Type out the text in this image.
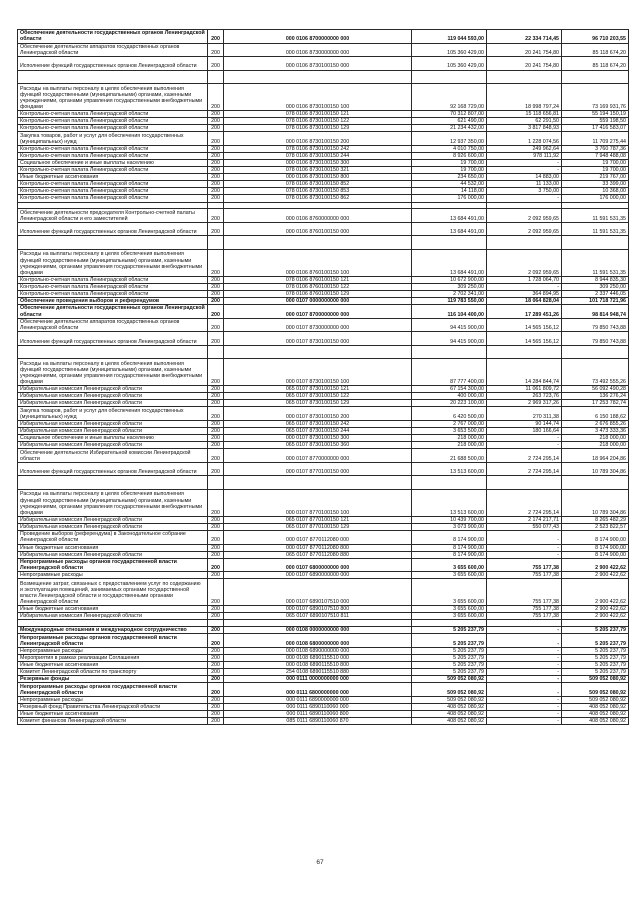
Обеспечение деятельности государственных органов Ленинградской области	200	000 0106 8700000000 000	119 044 593,00	22 334 714,45	96 710 203,55
Обеспечение деятельности аппаратов государственных органов Ленинградской области	200	000 0106 8730000000 000	105 360 429,00	20 241 754,80	85 118 674,20
Исполнение функций государственных органов Ленинградской области	200	000 0106 8730100150 000	105 360 429,00	20 241 754,80	85 118 674,20

Расходы на выплаты персоналу в целях обеспечения выполнения функций государственными (муниципальными) органами, казенными учреждениями, органами управления государственными внебюджетными фондами	200	000 0106 8730100150 100	92 168 729,00	18 998 797,24	73 169 931,76
Контрольно-счетная палата Ленинградской области	200	078 0106 8730100150 121	70 312 807,00	15 118 656,81	55 194 150,19
Контрольно-счетная палата Ленинградской области	200	078 0106 8730100150 122	621 490,00	62 291,50	559 198,50
Контрольно-счетная палата Ленинградской области	200	078 0106 8730100150 129	21 234 432,00	3 817 848,93	17 416 583,07
Закупка товаров, работ и услуг для обеспечения государственных (муниципальных) нужд	200	000 0106 8730100150 200	12 937 350,00	1 228 074,56	11 709 275,44
Контрольно-счетная палата Ленинградской области	200	078 0106 8730100150 242	4 010 750,00	249 962,64	3 760 787,36
Контрольно-счетная палата Ленинградской области	200	078 0106 8730100150 244	8 926 600,00	978 111,92	7 948 488,08
Социальное обеспечение и иные выплаты населению	200	000 0106 8730100150 300	19 700,00	-	19 700,00
Контрольно-счетная палата Ленинградской области	200	078 0106 8730100150 321	19 700,00	-	19 700,00
Иные бюджетные ассигнования	200	000 0106 8730100150 800	234 650,00	14 883,00	219 767,00
Контрольно-счетная палата Ленинградской области	200	078 0106 8730100150 852	44 532,00	11 133,00	33 399,00
Контрольно-счетная палата Ленинградской области	200	078 0106 8730100150 853	14 118,00	3 750,00	10 368,00
Контрольно-счетная палата Ленинградской области	200	078 0106 8730100150 862	176 000,00	-	176 000,00

Обеспечение деятельности председателя Контрольно-счетной палаты Ленинградской области и его заместителей	200	000 0106 8760000000 000	13 684 491,00	2 092 959,65	11 591 531,35
Исполнение функций государственных органов Ленинградской области	200	000 0106 8760100150 000	13 684 491,00	2 092 959,65	11 591 531,35

Расходы на выплаты персоналу в целях обеспечения выполнения функций государственными (муниципальными) органами, казенными учреждениями, органами управления государственными внебюджетными фондами	200	000 0106 8760100150 100	13 684 491,00	2 092 959,65	11 591 531,35
Контрольно-счетная палата Ленинградской области	200	078 0106 8760100150 121	10 672 900,00	1 728 064,70	8 944 835,30
Контрольно-счетная палата Ленинградской области	200	078 0106 8760100150 122	309 250,00	-	309 250,00
Контрольно-счетная палата Ленинградской области	200	078 0106 8760100150 129	2 702 341,00	364 894,95	2 337 446,05
Обеспечение проведения выборов и референдумов	200	000 0107 0000000000 000	119 783 550,00	18 064 828,04	101 718 721,96
Обеспечение деятельности государственных органов Ленинградской области	200	000 0107 8700000000 000	116 104 400,00	17 289 451,26	98 814 948,74
Обеспечение деятельности аппаратов государственных органов Ленинградской области	200	000 0107 8730000000 000	94 415 900,00	14 565 156,12	79 850 743,88
Исполнение функций государственных органов Ленинградской области	200	000 0107 8730100150 000	94 415 900,00	14 565 156,12	79 850 743,88

Расходы на выплаты персоналу в целях обеспечения выполнения функций государственными (муниципальными) органами, казенными учреждениями, органами управления государственными внебюджетными фондами	200	000 0107 8730100150 100	87 777 400,00	14 284 844,74	73 492 555,26
Избирательная комиссия Ленинградской области	200	065 0107 8730100150 121	67 154 300,00	11 061 809,72	56 092 490,28
Избирательная комиссия Ленинградской области	200	065 0107 8730100150 122	400 000,00	263 723,76	136 276,24
Избирательная комиссия Ленинградской области	200	065 0107 8730100150 129	20 223 100,00	2 969 317,26	17 253 782,74
Закупка товаров, работ и услуг для обеспечения государственных (муниципальных) нужд	200	000 0107 8730100150 200	6 420 500,00	270 311,38	6 150 188,62
Избирательная комиссия Ленинградской области	200	065 0107 8730100150 242	2 767 000,00	90 144,74	2 676 855,26
Избирательная комиссия Ленинградской области	200	065 0107 8730100150 244	3 653 500,00	180 166,64	3 473 333,36
Социальное обеспечение и иные выплаты населению	200	000 0107 8730100150 300	218 000,00	-	218 000,00
Избирательная комиссия Ленинградской области	200	065 0107 8730100150 360	218 000,00	-	218 000,00
Обеспечение деятельности Избирательной комиссии Ленинградской области	200	000 0107 8770000000 000	21 688 500,00	2 724 295,14	18 964 204,86
Исполнение функций государственных органов Ленинградской области	200	000 0107 8770100150 000	13 513 600,00	2 724 295,14	10 789 304,86

Расходы на выплаты персоналу в целях обеспечения выполнения функций государственными (муниципальными) органами, казенными учреждениями, органами управления государственными внебюджетными фондами	200	000 0107 8770100150 100	13 513 600,00	2 724 295,14	10 789 304,86
Избирательная комиссия Ленинградской области	200	065 0107 8770100150 121	10 439 700,00	2 174 217,71	8 265 482,29
Избирательная комиссия Ленинградской области	200	065 0107 8770100150 129	3 073 900,00	550 077,43	2 523 822,57
Проведение выборов (референдума) в Законодательное собрание Ленинградской области	200	000 0107 8770112080 000	8 174 900,00	-	8 174 900,00
Иные бюджетные ассигнования	200	000 0107 8770112080 800	8 174 900,00	-	8 174 900,00
Избирательная комиссия Ленинградской области	200	065 0107 8770112080 880	8 174 900,00	-	8 174 900,00
Непрограммные расходы органов государственной власти Ленинградской области	200	000 0107 6800000000 000	3 655 600,00	755 177,38	2 900 422,62
Непрограммные расходы	200	000 0107 6890000000 000	3 655 600,00	755 177,38	2 900 422,62
Возмещение затрат, связанных с предоставлением услуг по содержанию и эксплуатации помещений, занимаемых органами государственной власти Ленинградской области и государственными органами Ленинградской области	200	000 0107 6890107510 000	3 655 600,00	755 177,38	2 900 422,62
Иные бюджетные ассигнования	200	000 0107 6890107510 800	3 655 600,00	755 177,38	2 900 422,62
Избирательная комиссия Ленинградской области	200	065 0107 6890107510 811	3 655 600,00	755 177,38	2 900 422,62

Международные отношения и международное сотрудничество	200	000 0108 0000000000 000	5 205 237,79	-	5 205 237,79
Непрограммные расходы органов государственной власти Ленинградской области	200	000 0108 6800000000 000	5 205 237,79	-	5 205 237,79
Непрограммные расходы	200	000 0108 6890000000 000	5 205 237,79	-	5 205 237,79
Мероприятия в рамках реализации Соглашения	200	000 0108 6890115510 000	5 205 237,79	-	5 205 237,79
Иные бюджетные ассигнования	200	000 0108 6890115510 800	5 205 237,79	-	5 205 237,79
Комитет Ленинградской области по транспорту	200	254 0108 6890115510 880	5 205 237,79	-	5 205 237,79
Резервные фонды	200	000 0111 0000000000 000	509 052 080,92	-	509 052 080,92
Непрограммные расходы органов государственной власти Ленинградской области	200	000 0111 6800000000 000	509 052 080,92	-	509 052 080,92
Непрограммные расходы	200	000 0111 6890000000 000	509 052 080,92	-	509 052 080,92
Резервный фонд Правительства Ленинградской области	200	000 0111 6890110060 000	408 052 080,92	-	408 052 080,92
Иные бюджетные ассигнования	200	000 0111 6890110060 800	408 052 080,92	-	408 052 080,92
Комитет финансов Ленинградской области	200	085 0111 6890110060 870	408 052 080,92	-	408 052 080,92
67
